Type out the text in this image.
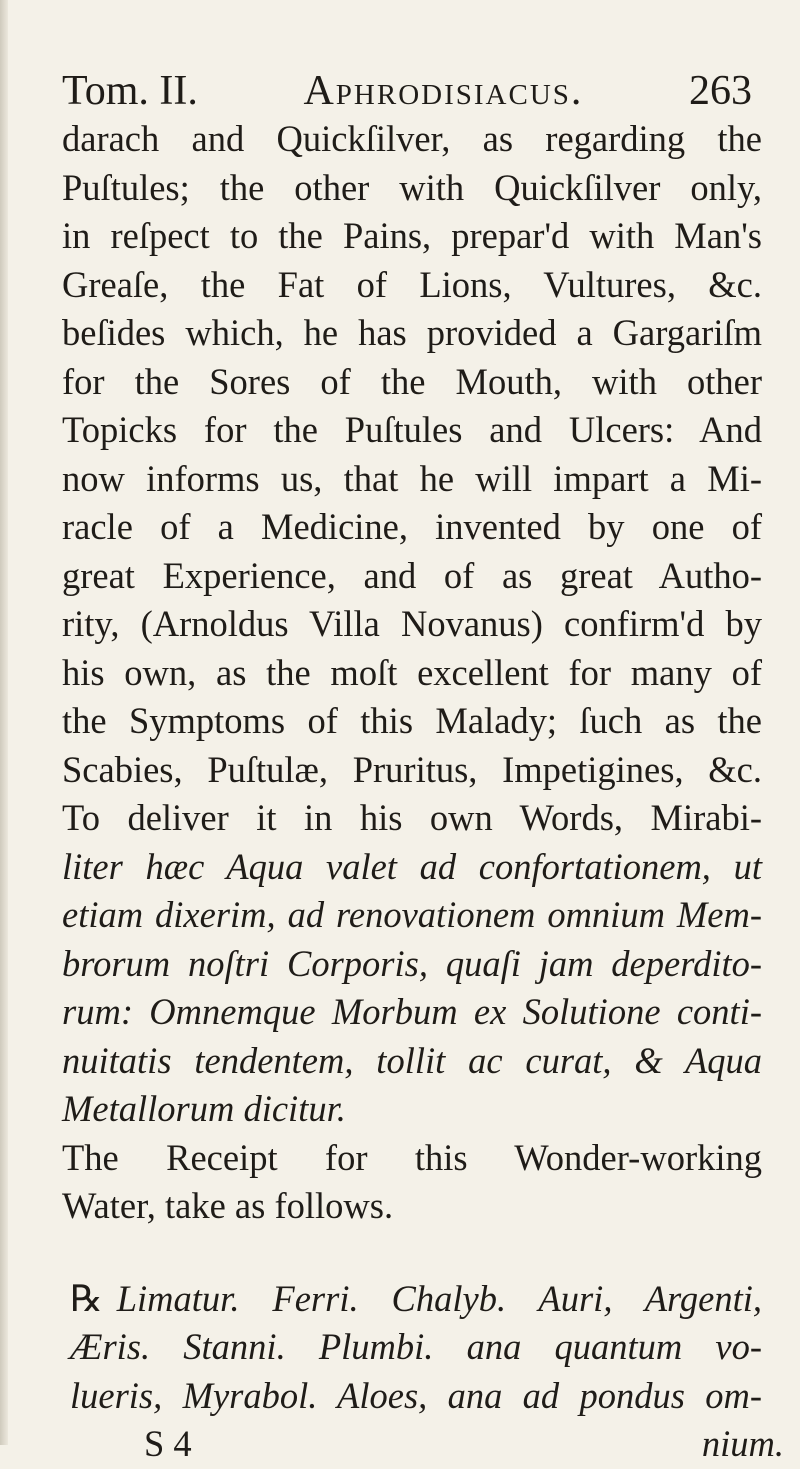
Tom. II.	Aphrodisiacus.	263
darach and Quickſilver, as regarding the
Puſtules; the other with Quickſilver only,
in reſpect to the Pains, prepar'd with Man's
Greaſe, the Fat of Lions, Vultures, &c.
beſides which, he has provided a Gargariſm
for the Sores of the Mouth, with other
Topicks for the Puſtules and Ulcers: And
now informs us, that he will impart a Mi-
racle of a Medicine, invented by one of
great Experience, and of as great Autho-
rity, (Arnoldus Villa Novanus) confirm'd by
his own, as the moſt excellent for many of
the Symptoms of this Malady; ſuch as the
Scabies, Puſtulæ, Pruritus, Impetigines, &c.
To deliver it in his own Words, Mirabi-
liter hæc Aqua valet ad confortationem, ut
etiam dixerim, ad renovationem omnium Mem-
brorum noſtri Corporis, quaſi jam deperdito-
rum: Omnemque Morbum ex Solutione conti-
nuitatis tendentem, tollit ac curat, & Aqua
Metallorum dicitur.
The Receipt for this Wonder-working
Water, take as follows.
℞ Limatur. Ferri. Chalyb. Auri, Argenti,
Æris. Stanni. Plumbi. ana quantum vo-
lueris, Myrabol. Aloes, ana ad pondus om-
S 4	nium.
